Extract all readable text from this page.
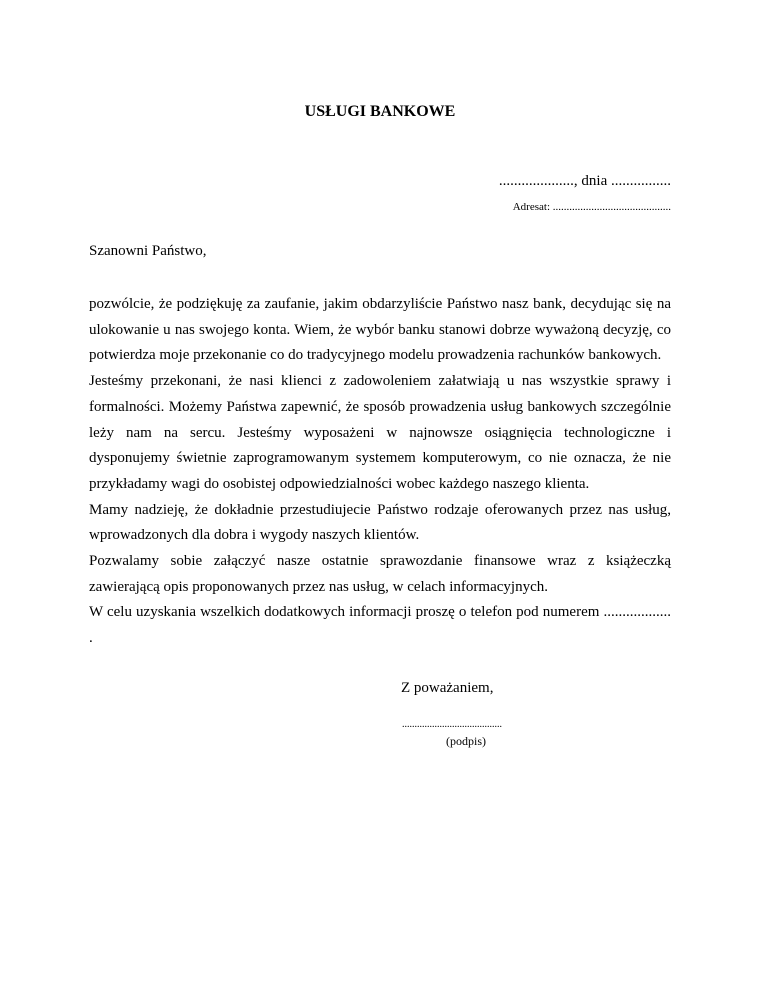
USŁUGI BANKOWE
...................., dnia ................
Adresat: ...........................................
Szanowni Państwo,

pozwólcie, że podziękuję za zaufanie, jakim obdarzyliście Państwo nasz bank, decydując się na ulokowanie u nas swojego konta. Wiem, że wybór banku stanowi dobrze wyważoną decyzję, co potwierdza moje przekonanie co do tradycyjnego modelu prowadzenia rachunków bankowych.

Jesteśmy przekonani, że nasi klienci z zadowoleniem załatwiają u nas wszystkie sprawy i formalności. Możemy Państwa zapewnić, że sposób prowadzenia usług bankowych szczególnie leży nam na sercu. Jesteśmy wyposażeni w najnowsze osiągnięcia technologiczne i dysponujemy świetnie zaprogramowanym systemem komputerowym, co nie oznacza, że nie przykładamy wagi do osobistej odpowiedzialności wobec każdego naszego klienta.

Mamy nadzieję, że dokładnie przestudiujecie Państwo rodzaje oferowanych przez nas usług, wprowadzonych dla dobra i wygody naszych klientów.

Pozwalamy sobie załączyć nasze ostatnie sprawozdanie finansowe wraz z książeczką zawierającą opis proponowanych przez nas usług, w celach informacyjnych.

W celu uzyskania wszelkich dodatkowych informacji proszę o telefon pod numerem .................. .

Z poważaniem,
........................................
(podpis)
